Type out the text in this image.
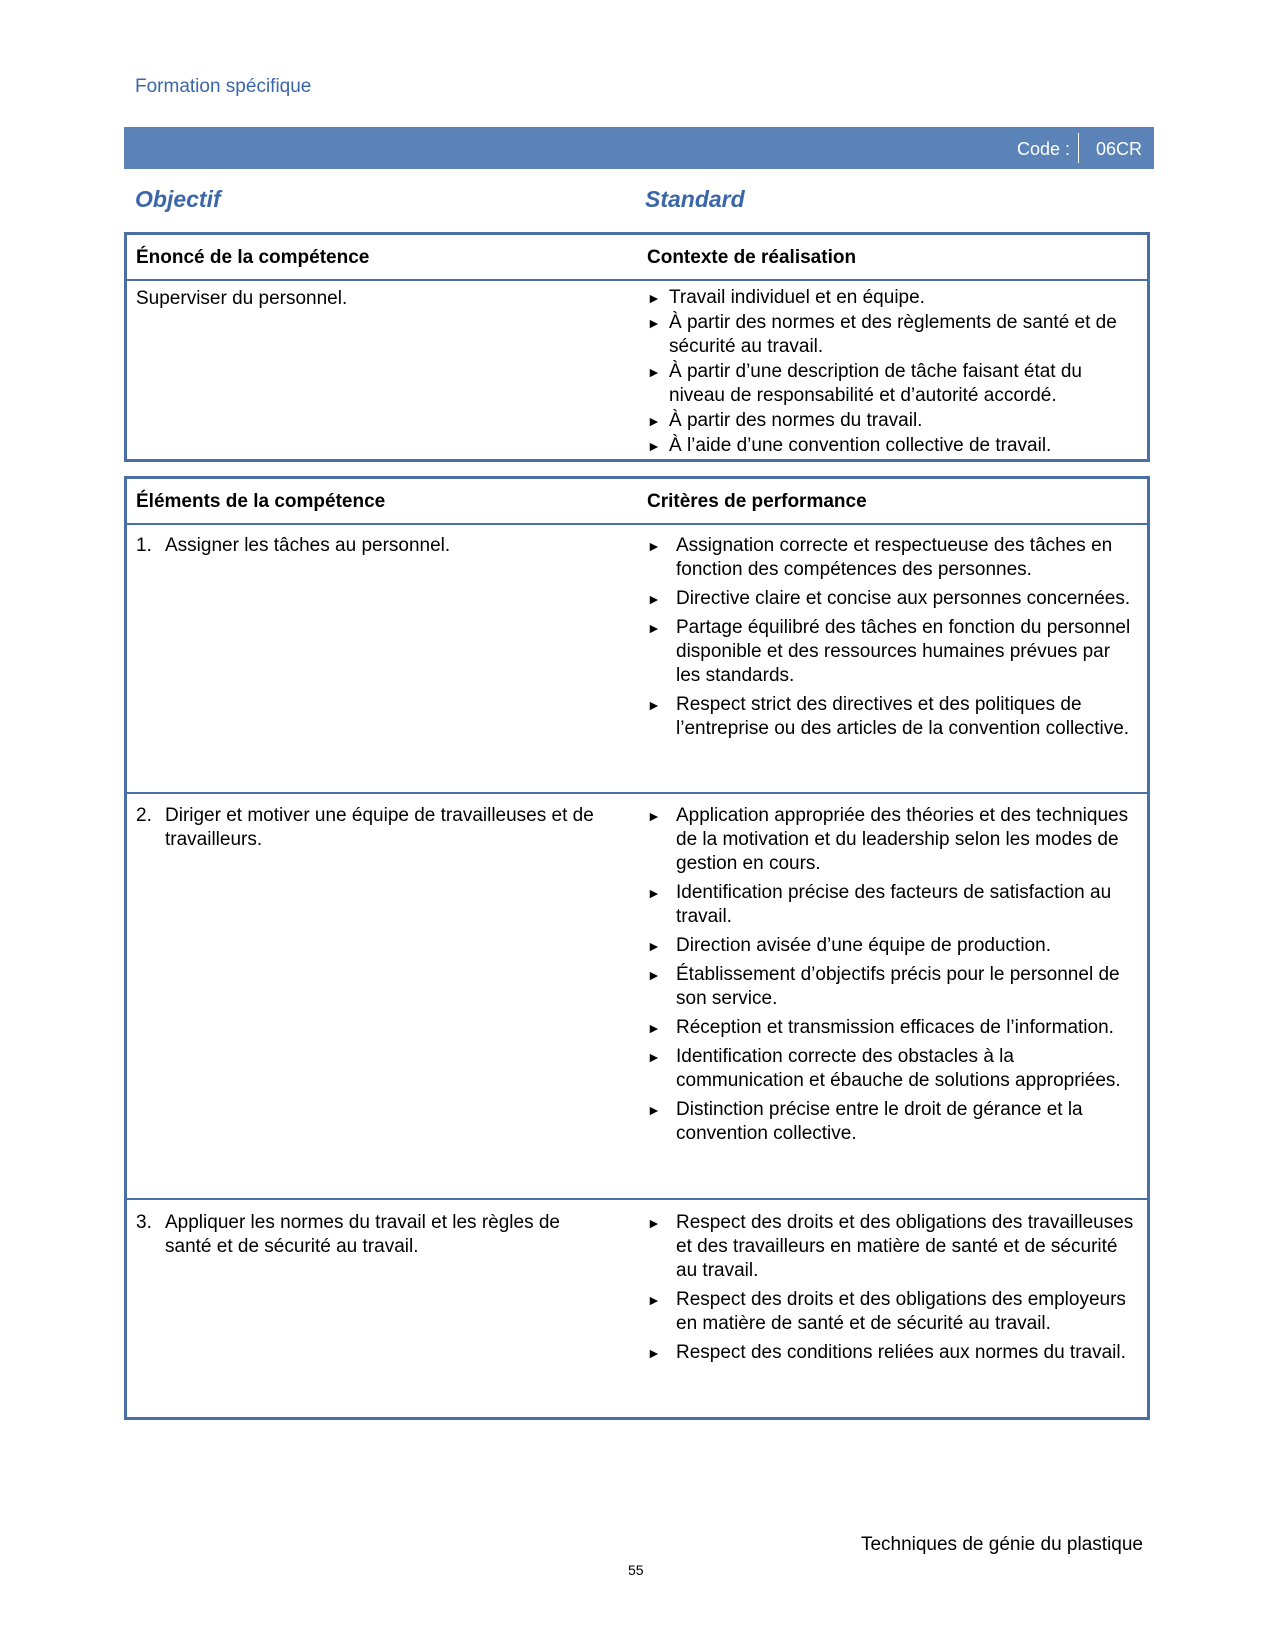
Formation spécifique
Code : 06CR
Objectif	Standard
Énoncé de la compétence	Contexte de réalisation
Superviser du personnel.	► Travail individuel et en équipe.
► À partir des normes et des règlements de santé et de sécurité au travail.
► À partir d’une description de tâche faisant état du niveau de responsabilité et d’autorité accordé.
► À partir des normes du travail.
► À l’aide d’une convention collective de travail.
Éléments de la compétence	Critères de performance
1. Assigner les tâches au personnel.	► Assignation correcte et respectueuse des tâches en fonction des compétences des personnes.
► Directive claire et concise aux personnes concernées.
► Partage équilibré des tâches en fonction du personnel disponible et des ressources humaines prévues par les standards.
► Respect strict des directives et des politiques de l’entreprise ou des articles de la convention collective.
2. Diriger et motiver une équipe de travailleuses et de travailleurs.
► Application appropriée des théories et des techniques de la motivation et du leadership selon les modes de gestion en cours.
► Identification précise des facteurs de satisfaction au travail.
► Direction avisée d’une équipe de production.
► Établissement d’objectifs précis pour le personnel de son service.
► Réception et transmission efficaces de l’information.
► Identification correcte des obstacles à la communication et ébauche de solutions appropriées.
► Distinction précise entre le droit de gérance et la convention collective.
3. Appliquer les normes du travail et les règles de santé et de sécurité au travail.
► Respect des droits et des obligations des travailleuses et des travailleurs en matière de santé et de sécurité au travail.
► Respect des droits et des obligations des employeurs en matière de santé et de sécurité au travail.
► Respect des conditions reliées aux normes du travail.
Techniques de génie du plastique
55
